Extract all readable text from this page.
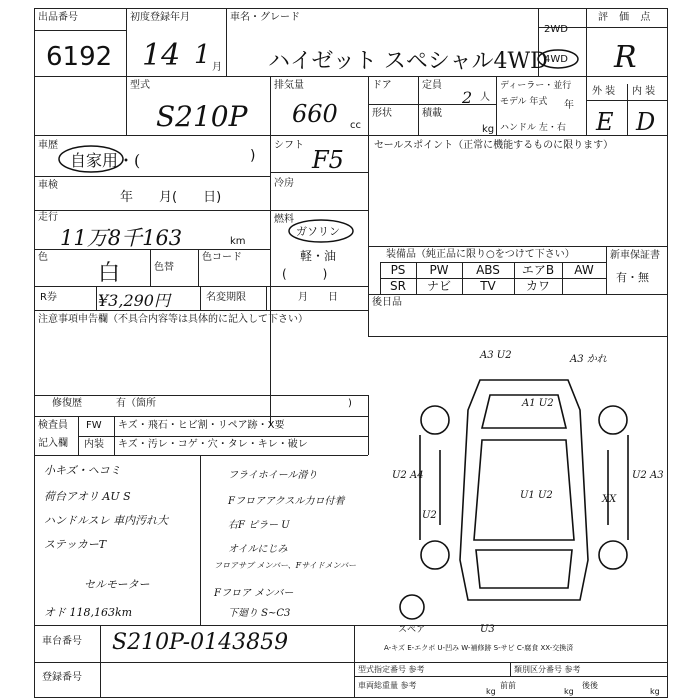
出品番号
6192
初度登録年月
14 1 月
車名・グレード
ハイゼット スペシャル4WD
2WD
4WD
評 価 点
R
型式
S210P
排気量
660 cc
ドア	定員
2 人
形状	積載
kg
ディーラー・並行
モデル 年式 年
ハンドル 左・右
外 装 内 装
E D
車歴
自家用・(	)
車検
年　　月(　　日)
走行
11万8千163	km
色
白	色替
色コード
シフト
F5
冷房
燃料
ガソリン
軽・油
(　　　)
R券	¥3,290円	名変期限	月　　日
セールスポイント（正常に機能するものに限ります）
装備品（純正品に限り○をつけて下さい）
PS	PW	ABS	エアB	AW
SR	ナビ	TV	カワ
新車保証書
有・無
後日品
注意事項申告欄（不具合内容等は具体的に記入して下さい）
修復歴	有（箇所	)
検査員
記入欄
FW キズ・飛石・ヒビ割・リペア跡・X要
内装 キズ・汚レ・コゲ・穴・タレ・キレ・破レ
小キズ・ヘコミ
荷台アオリ AU S
ハンドルスレ 車内汚れ大
ステッカーT
セルモーター
オド 118,163km
フライホイール滑り
Fフロアアクスル力ロ付着
右F ピラー U
オイルにじみ
フロアサブ メンバー、Fサイドメンバー
Fフロア メンバー
下廻り S~C3
A3 U2	A3 かれ
A1 U2
U2 A4
U2
U2 A3
U1 U2	XX
U3
スペア
A-キズ E-エクボ U-凹み W-補修跡 S-サビ C-腐食 XX-交換済
車台番号 S210P-0143859
登録番号
型式指定番号 参考	類別区分番号 参考
車両総重量 参考
kg
前前
kg
後後
kg
